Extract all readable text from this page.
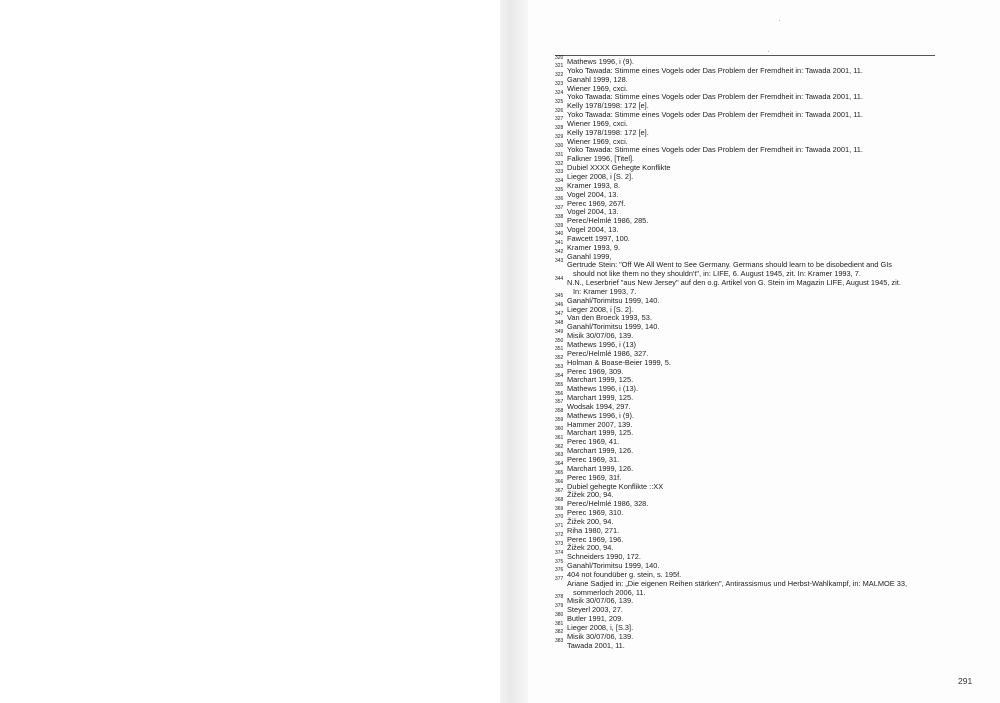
320 Mathews 1996, i (9).
321 Yoko Tawada: Stimme eines Vogels oder Das Problem der Fremdheit in: Tawada 2001, 11.
322 Ganahl 1999, 128.
323 Wiener 1969, cxci.
324 Yoko Tawada: Stimme eines Vogels oder Das Problem der Fremdheit in: Tawada 2001, 11.
325 Kelly 1978/1998: 172 [e].
326 Yoko Tawada: Stimme eines Vogels oder Das Problem der Fremdheit in: Tawada 2001, 11.
327 Wiener 1969, cxci.
328 Kelly 1978/1998: 172 [e].
329 Wiener 1969, cxci.
330 Yoko Tawada: Stimme eines Vogels oder Das Problem der Fremdheit in: Tawada 2001, 11.
331 Falkner 1996, [Titel].
332 Dubiel XXXX Gehegte Konflikte
333 Lieger 2008, i [S. 2].
334 Kramer 1993, 8.
335 Vogel 2004, 13.
336 Perec 1969, 267f.
337 Vogel 2004, 13.
338 Perec/Helmlé 1986, 285.
339 Vogel 2004, 13.
340 Fawcett 1997, 100.
341 Kramer 1993, 9.
342 Ganahl 1999,
343 Gertrude Stein: "Off We All Went to See Germany. Germans should learn to be disobedient and GIs
should not like them no they shouldn't", in: LIFE, 6. August 1945, zit. In: Kramer 1993, 7.
344 N.N., Leserbrief "aus New Jersey" auf den o.g. Artikel von G. Stein im Magazin LIFE, August 1945, zit.
In: Kramer 1993, 7.
345 Ganahl/Torimitsu 1999, 140.
346 Lieger 2008, i [S. 2].
347 Van den Broeck 1993, 53.
348 Ganahl/Torimitsu 1999, 140.
349 Misik 30/07/06, 139.
350 Mathews 1996, i (13)
351 Perec/Helmlé 1986, 327.
352 Holman & Boase-Beier 1999, 5.
353 Perec 1969, 309.
354 Marchart 1999, 125.
355 Mathews 1996, i (13).
356 Marchart 1999, 125.
357 Wodsak 1994, 297.
358 Mathews 1996, i (9).
359 Hammer 2007, 139.
360 Marchart 1999, 125.
361 Perec 1969, 41.
362 Marchart 1999, 126.
363 Perec 1969, 31.
364 Marchart 1999, 126.
365 Perec 1969, 31f.
366 Dubiel gehegte Konflikte ::XX
367 Žižek 200, 94.
368 Perec/Helmlé 1986, 328.
369 Perec 1969, 310.
370 Žižek 200, 94.
371 Riha 1980, 271.
372 Perec 1969, 196.
373 Žižek 200, 94.
374 Schneiders 1990, 172.
375 Ganahl/Torimitsu 1999, 140.
376 404 not foundüber g. stein, s. 195f.
377 Ariane Sadjed in: „Die eigenen Reihen stärken", Antirassismus und Herbst-Wahlkampf, in: MALMOE 33,
sommerloch 2006, 11.
378 Misik 30/07/06, 139.
379 Steyerl 2003, 27.
380 Butler 1991, 209.
381 Lieger 2008, i, [S.3].
382 Misik 30/07/06, 139.
383 Tawada 2001, 11.
291
